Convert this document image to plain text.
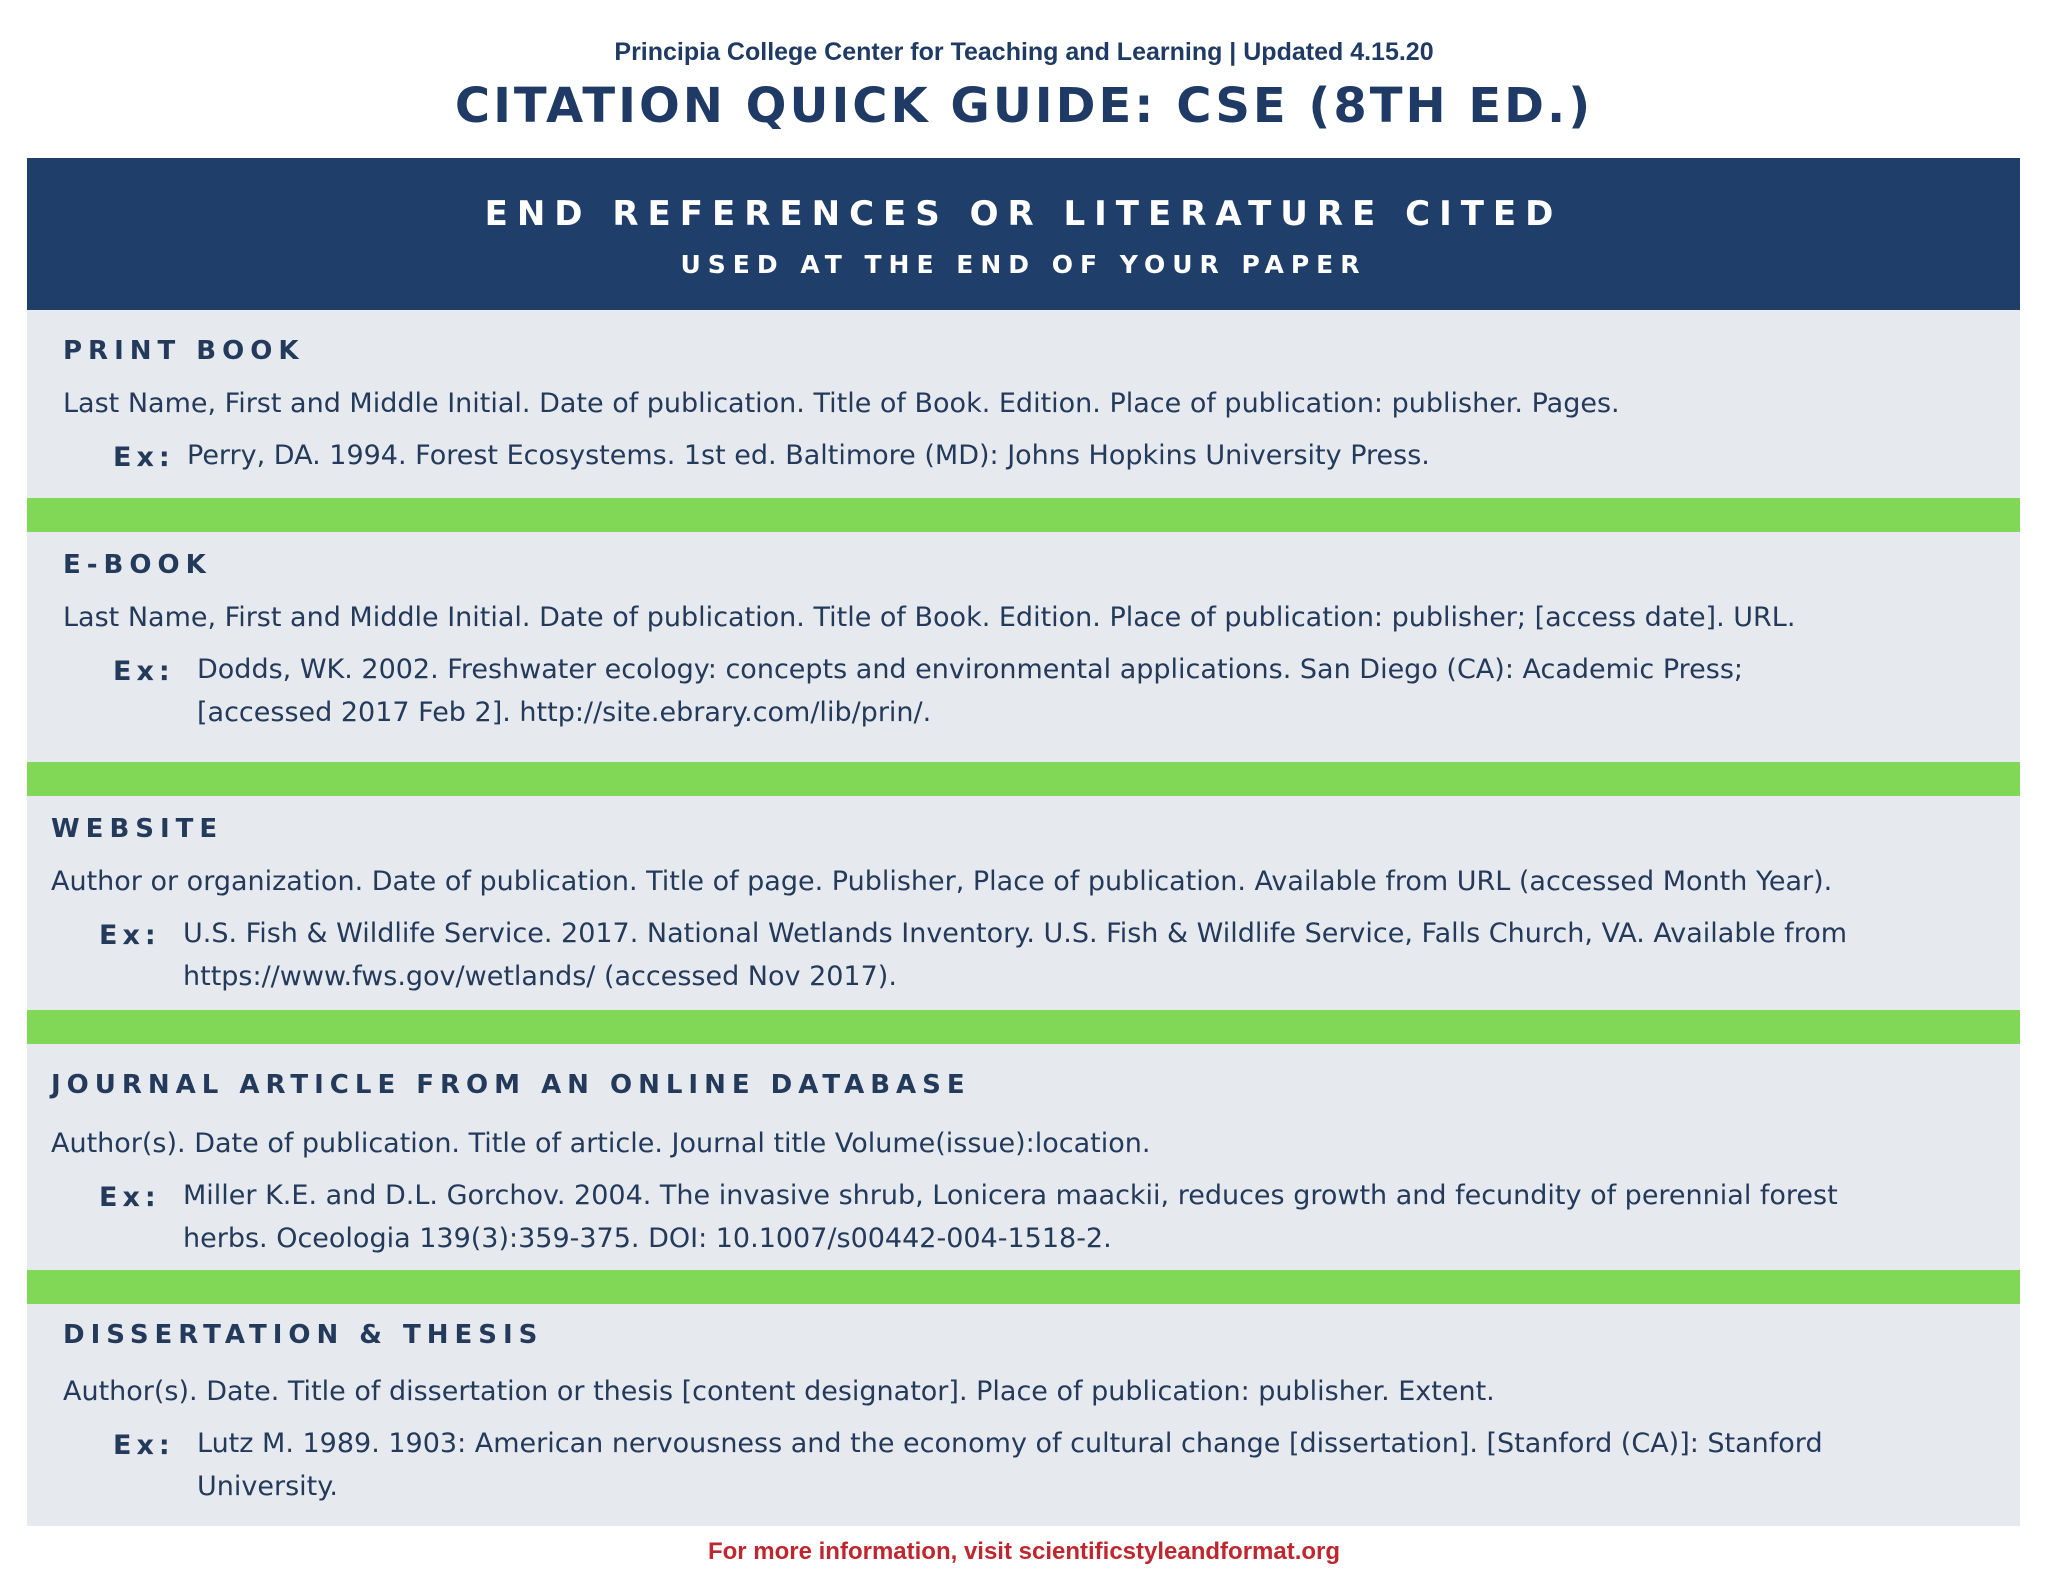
Principia College Center for Teaching and Learning | Updated 4.15.20
CITATION QUICK GUIDE: CSE (8TH ED.)
END REFERENCES OR LITERATURE CITED
USED AT THE END OF YOUR PAPER
PRINT BOOK
Last Name, First and Middle Initial. Date of publication. Title of Book. Edition. Place of publication: publisher. Pages.
Ex: Perry, DA. 1994. Forest Ecosystems. 1st ed. Baltimore (MD): Johns Hopkins University Press.
E-BOOK
Last Name, First and Middle Initial. Date of publication. Title of Book. Edition. Place of publication: publisher; [access date]. URL.
Ex: Dodds, WK. 2002. Freshwater ecology: concepts and environmental applications. San Diego (CA): Academic Press; [accessed 2017 Feb 2]. http://site.ebrary.com/lib/prin/.
WEBSITE
Author or organization. Date of publication. Title of page. Publisher, Place of publication. Available from URL (accessed Month Year).
Ex: U.S. Fish & Wildlife Service. 2017. National Wetlands Inventory. U.S. Fish & Wildlife Service, Falls Church, VA. Available from https://www.fws.gov/wetlands/ (accessed Nov 2017).
JOURNAL ARTICLE FROM AN ONLINE DATABASE
Author(s). Date of publication. Title of article. Journal title Volume(issue):location.
Ex: Miller K.E. and D.L. Gorchov. 2004. The invasive shrub, Lonicera maackii, reduces growth and fecundity of perennial forest herbs. Oceologia 139(3):359-375. DOI: 10.1007/s00442-004-1518-2.
DISSERTATION & THESIS
Author(s). Date. Title of dissertation or thesis [content designator]. Place of publication: publisher. Extent.
Ex: Lutz M. 1989. 1903: American nervousness and the economy of cultural change [dissertation]. [Stanford (CA)]: Stanford University.
For more information, visit scientificstyleandformat.org
